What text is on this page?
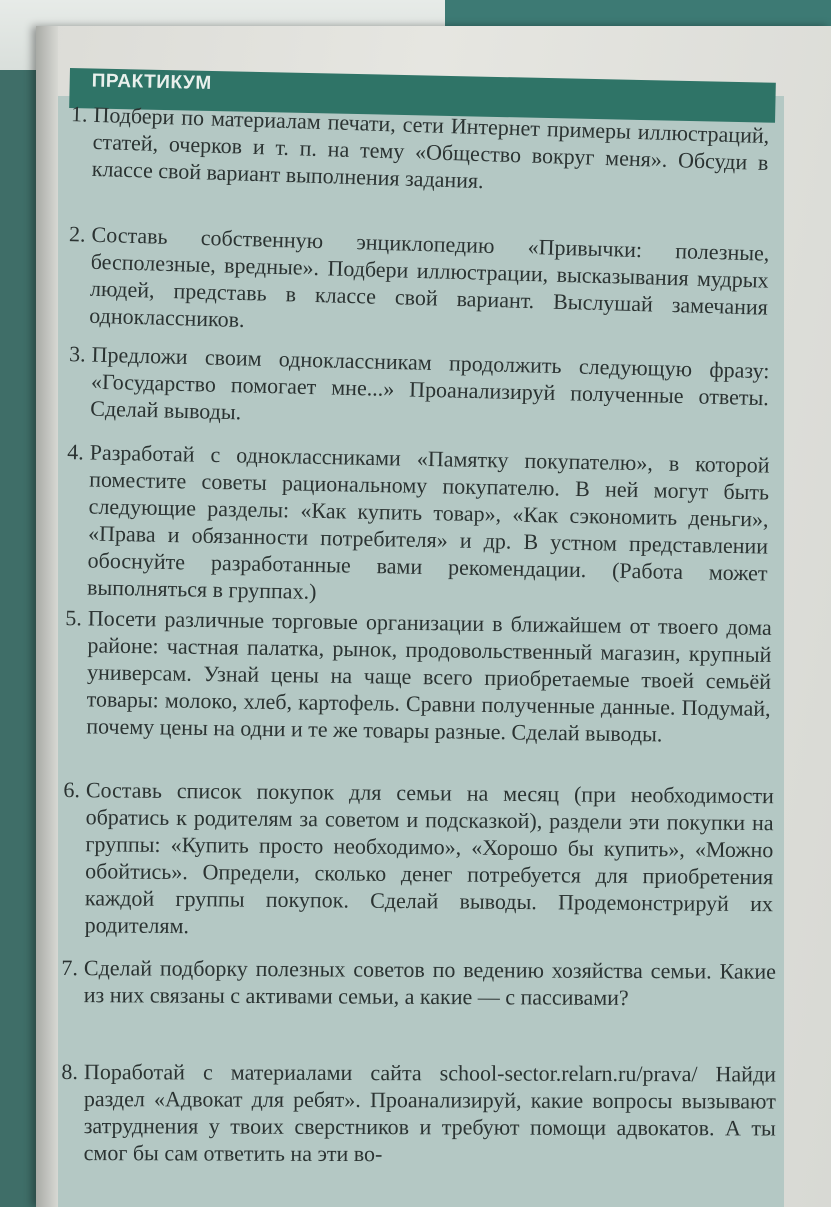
ПРАКТИКУМ
1. Подбери по материалам печати, сети Интернет примеры иллюстраций, статей, очерков и т. п. на тему «Общество вокруг меня». Обсуди в классе свой вариант выполнения задания.
2. Составь собственную энциклопедию «Привычки: полезные, бесполезные, вредные». Подбери иллюстрации, высказывания мудрых людей, представь в классе свой вариант. Выслушай замечания одноклассников.
3. Предложи своим одноклассникам продолжить следующую фразу: «Государство помогает мне...» Проанализируй полученные ответы. Сделай выводы.
4. Разработай с одноклассниками «Памятку покупателю», в которой поместите советы рациональному покупателю. В ней могут быть следующие разделы: «Как купить товар», «Как сэкономить деньги», «Права и обязанности потребителя» и др. В устном представлении обоснуйте разработанные вами рекомендации. (Работа может выполняться в группах.)
5. Посети различные торговые организации в ближайшем от твоего дома районе: частная палатка, рынок, продовольственный магазин, крупный универсам. Узнай цены на чаще всего приобретаемые твоей семьёй товары: молоко, хлеб, картофель. Сравни полученные данные. Подумай, почему цены на одни и те же товары разные. Сделай выводы.
6. Составь список покупок для семьи на месяц (при необходимости обратись к родителям за советом и подсказкой), раздели эти покупки на группы: «Купить просто необходимо», «Хорошо бы купить», «Можно обойтись». Определи, сколько денег потребуется для приобретения каждой группы покупок. Сделай выводы. Продемонстрируй их родителям.
7. Сделай подборку полезных советов по ведению хозяйства семьи. Какие из них связаны с активами семьи, а какие — с пассивами?
8. Поработай с материалами сайта school-sector.relarn.ru/prava/ Найди раздел «Адвокат для ребят». Проанализируй, какие вопросы вызывают затруднения у твоих сверстников и требуют помощи адвокатов. А ты смог бы сам ответить на эти во-
